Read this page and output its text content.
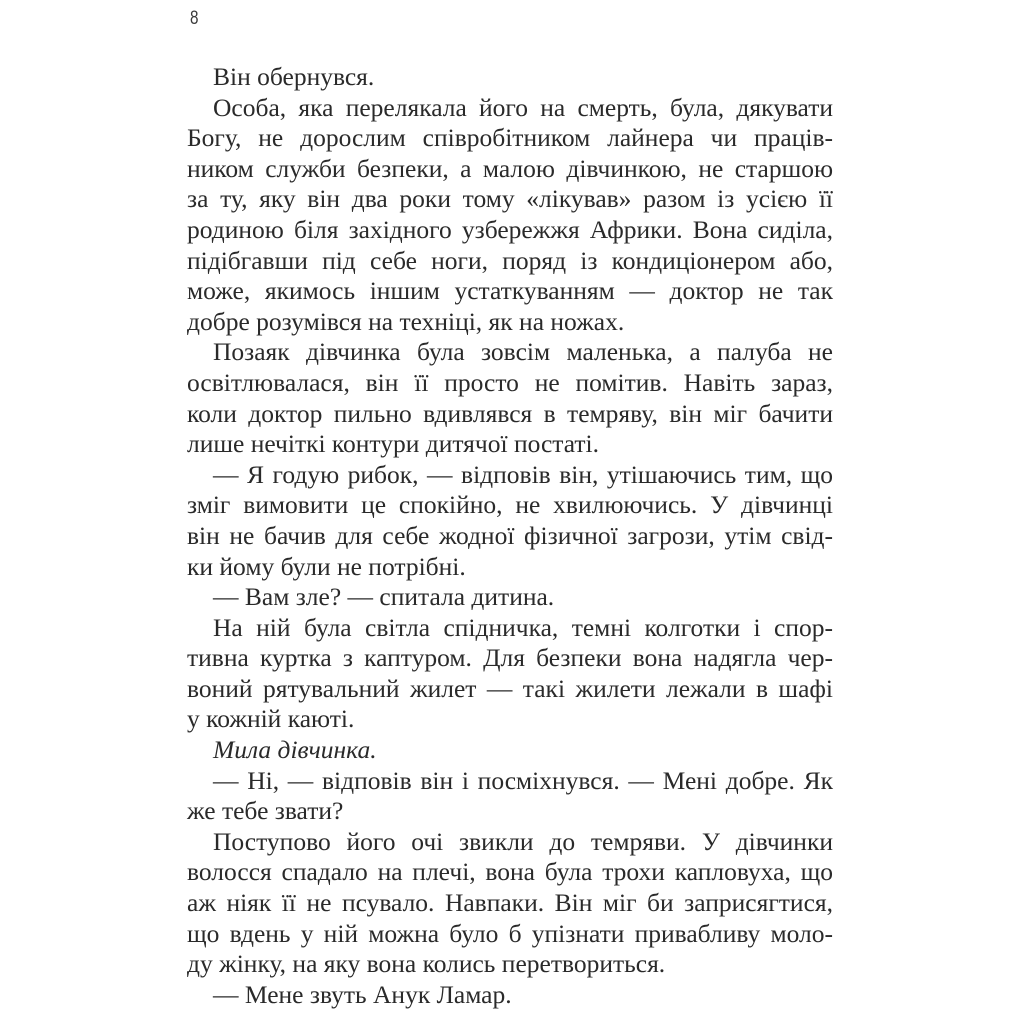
8
Він обернувся.
Особа, яка перелякала його на смерть, була, дякувати
Богу, не дорослим співробітником лайнера чи працiв-
ником служби безпеки, а малою дівчинкою, не старшою
за ту, яку він два роки тому «лікував» разом із усією її
родиною біля західного узбережжя Африки. Вона сиділа,
підібгавши під себе ноги, поряд із кондиціонером або,
може, якимось іншим устаткуванням — доктор не так
добре розумівся на техніці, як на ножах.
Позаяк дівчинка була зовсім маленька, а палуба не
освітлювалася, він її просто не помітив. Навіть зараз,
коли доктор пильно вдивлявся в темряву, він міг бачити
лише нечіткі контури дитячої постаті.
— Я годую рибок, — відповів він, утішаючись тим, що
зміг вимовити це спокійно, не хвилюючись. У дівчинці
він не бачив для себе жодної фізичної загрози, утім свід-
ки йому були не потрібні.
— Вам зле? — спитала дитина.
На ній була світла спідничка, темні колготки і спор-
тивна куртка з каптуром. Для безпеки вона надягла чер-
воний рятувальний жилет — такі жилети лежали в шафі
у кожній каюті.
Мила дівчинка.
— Ні, — відповів він і посміхнувся. — Мені добре. Як
же тебе звати?
Поступово його очі звикли до темряви. У дівчинки
волосся спадало на плечі, вона була трохи капловуха, що
аж ніяк її не псувало. Навпаки. Він міг би заприсягтися,
що вдень у ній можна було б упізнати привабливу моло-
ду жінку, на яку вона колись перетвориться.
— Мене звуть Анук Ламар.
